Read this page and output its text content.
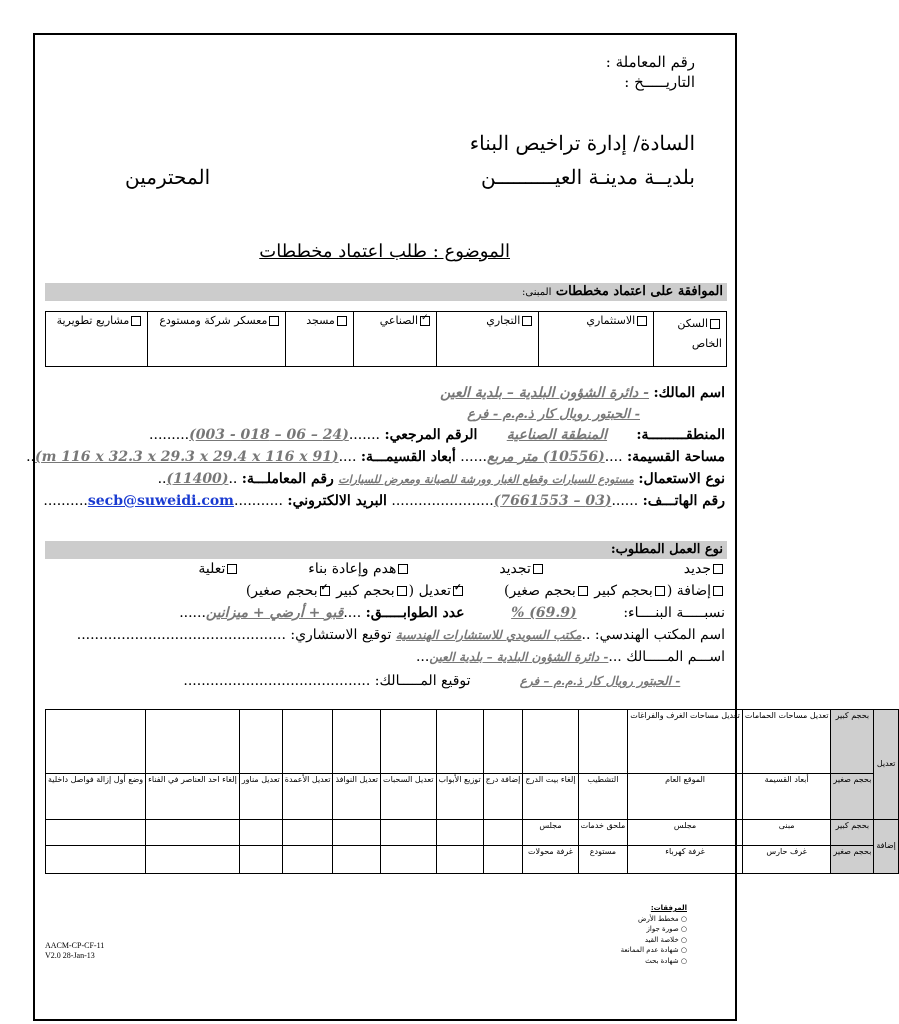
رقم المعاملة :
التاريـــــخ :
السادة/ إدارة تراخيص البناء
بلديــة مدينـة العيــــــــــن
المحترمين
الموضوع : طلب اعتماد مخططات
الموافقة على اعتماد مخططات المبنى:
مشاريع تطويرية	معسكر شركة ومستودع	مسجد	✓الصناعي	التجاري	الاستثماري	السكن الخاص
اسم المالك: - دائرة الشؤون البلدية – بلدية العين
- الحبتور رويال كار ذ.م.م - فرع
المنطقـــــــــة: المنطقة الصناعية الرقم المرجعي: .......(24 – 06 – 018 - 003).........
مساحة القسيمة: ....(10556) متر مربع...... أبعاد القسيمـــة: ....(91 m 116 x 32.3 x 29.3 x 29.4 x 116 x)..
نوع الاستعمال: مستودع للسيارات وقطع الغيار وورشة للصيانة ومعرض للسيارات رقم المعاملـــة: ..(11400)..
رقم الهاتـــف: ......(03 – 7661553)....................... البريد الالكتروني: ...........secb@suweidi.com..........
نوع العمل المطلوب:
جديد  تجديد  هدم وإعادة بناء  تعلية
إضافة (بحجم كبير بحجم صغير)  ✓تعديل (بحجم كبير ✓بحجم صغير)
نسبـــــة البنــــاء: (69.9) % عدد الطوابـــــق: ....قبو + أرضي + ميزانين......
اسم المكتب الهندسي: ..مكتب السويدي للاستشارات الهندسية توقيع الاستشاري: ...............................................
اســـم المـــــالك ...- دائرة الشؤون البلدية – بلدية العين...
- الحبتور رويال كار ذ.م.م – فرع توقيع المـــــالك: ..........................................
										تعديل مساحات الغرف والفراغات	تعديل مساحات الحمامات	بحجم كبير	تعديل
وضع أول إزالة فواصل داخلية	إلغاء احد العناصر في الفناء	تعديل مناور	تعديل الأعمدة	تعديل النوافذ	تعديل السحبات	توزيع الأبواب	إضافة درج	إلغاء بيت الدرج	التشطيب	الموقع العام	أبعاد القسيمة	بحجم صغير	
								مجلس	ملحق خدمات	مجلس	مبنى	بحجم كبير	إضافة
								غرفة محولات	مستودع	غرفة كهرباء	غرف حارس	بحجم صغير	
المرفقات:
○ مخطط الأرض
○ صورة جواز
○ خلاصة القيد
○ شهادة عدم الممانعة
○ شهادة بحث
AACM-CP-CF-11
V2.0 28-Jan-13
